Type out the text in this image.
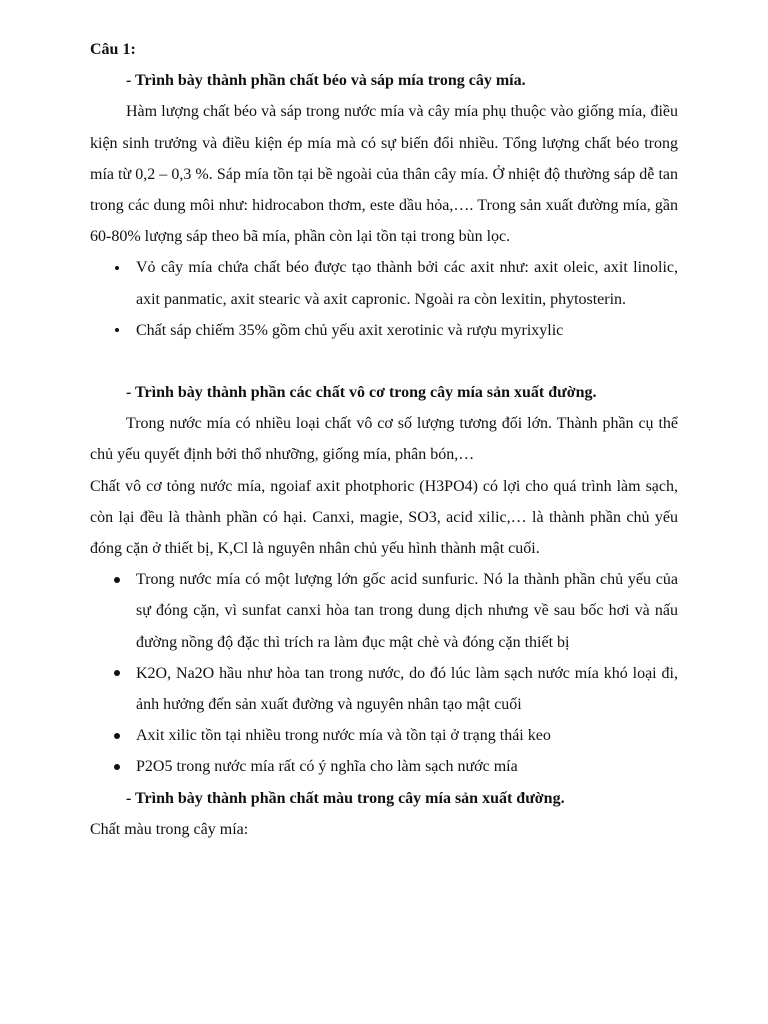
Câu 1:

- Trình bày thành phần chất béo và sáp mía trong cây mía.

Hàm lượng chất béo và sáp trong nước mía và cây mía phụ thuộc vào giống mía, điều kiện sinh trưởng và điều kiện ép mía mà có sự biến đổi nhiều. Tổng lượng chất béo trong mía từ 0,2 – 0,3 %. Sáp mía tồn tại bề ngoài của thân cây mía. Ở nhiệt độ thường sáp dễ tan trong các dung môi như: hidrocabon thơm, este dầu hỏa,…. Trong sản xuất đường mía, gần 60-80% lượng sáp theo bã mía, phần còn lại tồn tại trong bùn lọc.

Vỏ cây mía chứa chất béo được tạo thành bởi các axit như: axit oleic, axit linolic, axit panmatic, axit stearic và axit capronic. Ngoài ra còn lexitin, phytosterin.
Chất sáp chiếm 35% gồm chủ yếu axit xerotinic và rượu myrixylic

- Trình bày thành phần các chất vô cơ trong cây mía sản xuất đường.

Trong nước mía có nhiều loại chất vô cơ số lượng tương đối lớn. Thành phần cụ thể chủ yếu quyết định bởi thổ nhưỡng, giống mía, phân bón,…

Chất vô cơ tỏng nước mía, ngoiaf axit photphoric (H3PO4) có lợi cho quá trình làm sạch, còn lại đều là thành phần có hại. Canxi, magie, SO3, acid xilic,… là thành phần chủ yếu đóng cặn ở thiết bị, K,Cl là nguyên nhân chủ yếu hình thành mật cuối.

Trong nước mía có một lượng lớn gốc acid sunfuric. Nó la thành phần chủ yếu của sự đóng cặn, vì sunfat canxi hòa tan trong dung dịch nhưng về sau bốc hơi và nấu đường nồng độ đặc thì trích ra làm đục mật chè và đóng cặn thiết bị
K2O, Na2O hầu như hòa tan trong nước, do đó lúc làm sạch nước mía khó loại đi, ảnh hưởng đến sản xuất đường và nguyên nhân tạo mật cuối
Axit xilic tồn tại nhiều trong nước mía và tồn tại ở trạng thái keo
P2O5 trong nước mía rất có ý nghĩa cho làm sạch nước mía

- Trình bày thành phần chất màu trong cây mía sản xuất đường.

Chất màu trong cây mía:
